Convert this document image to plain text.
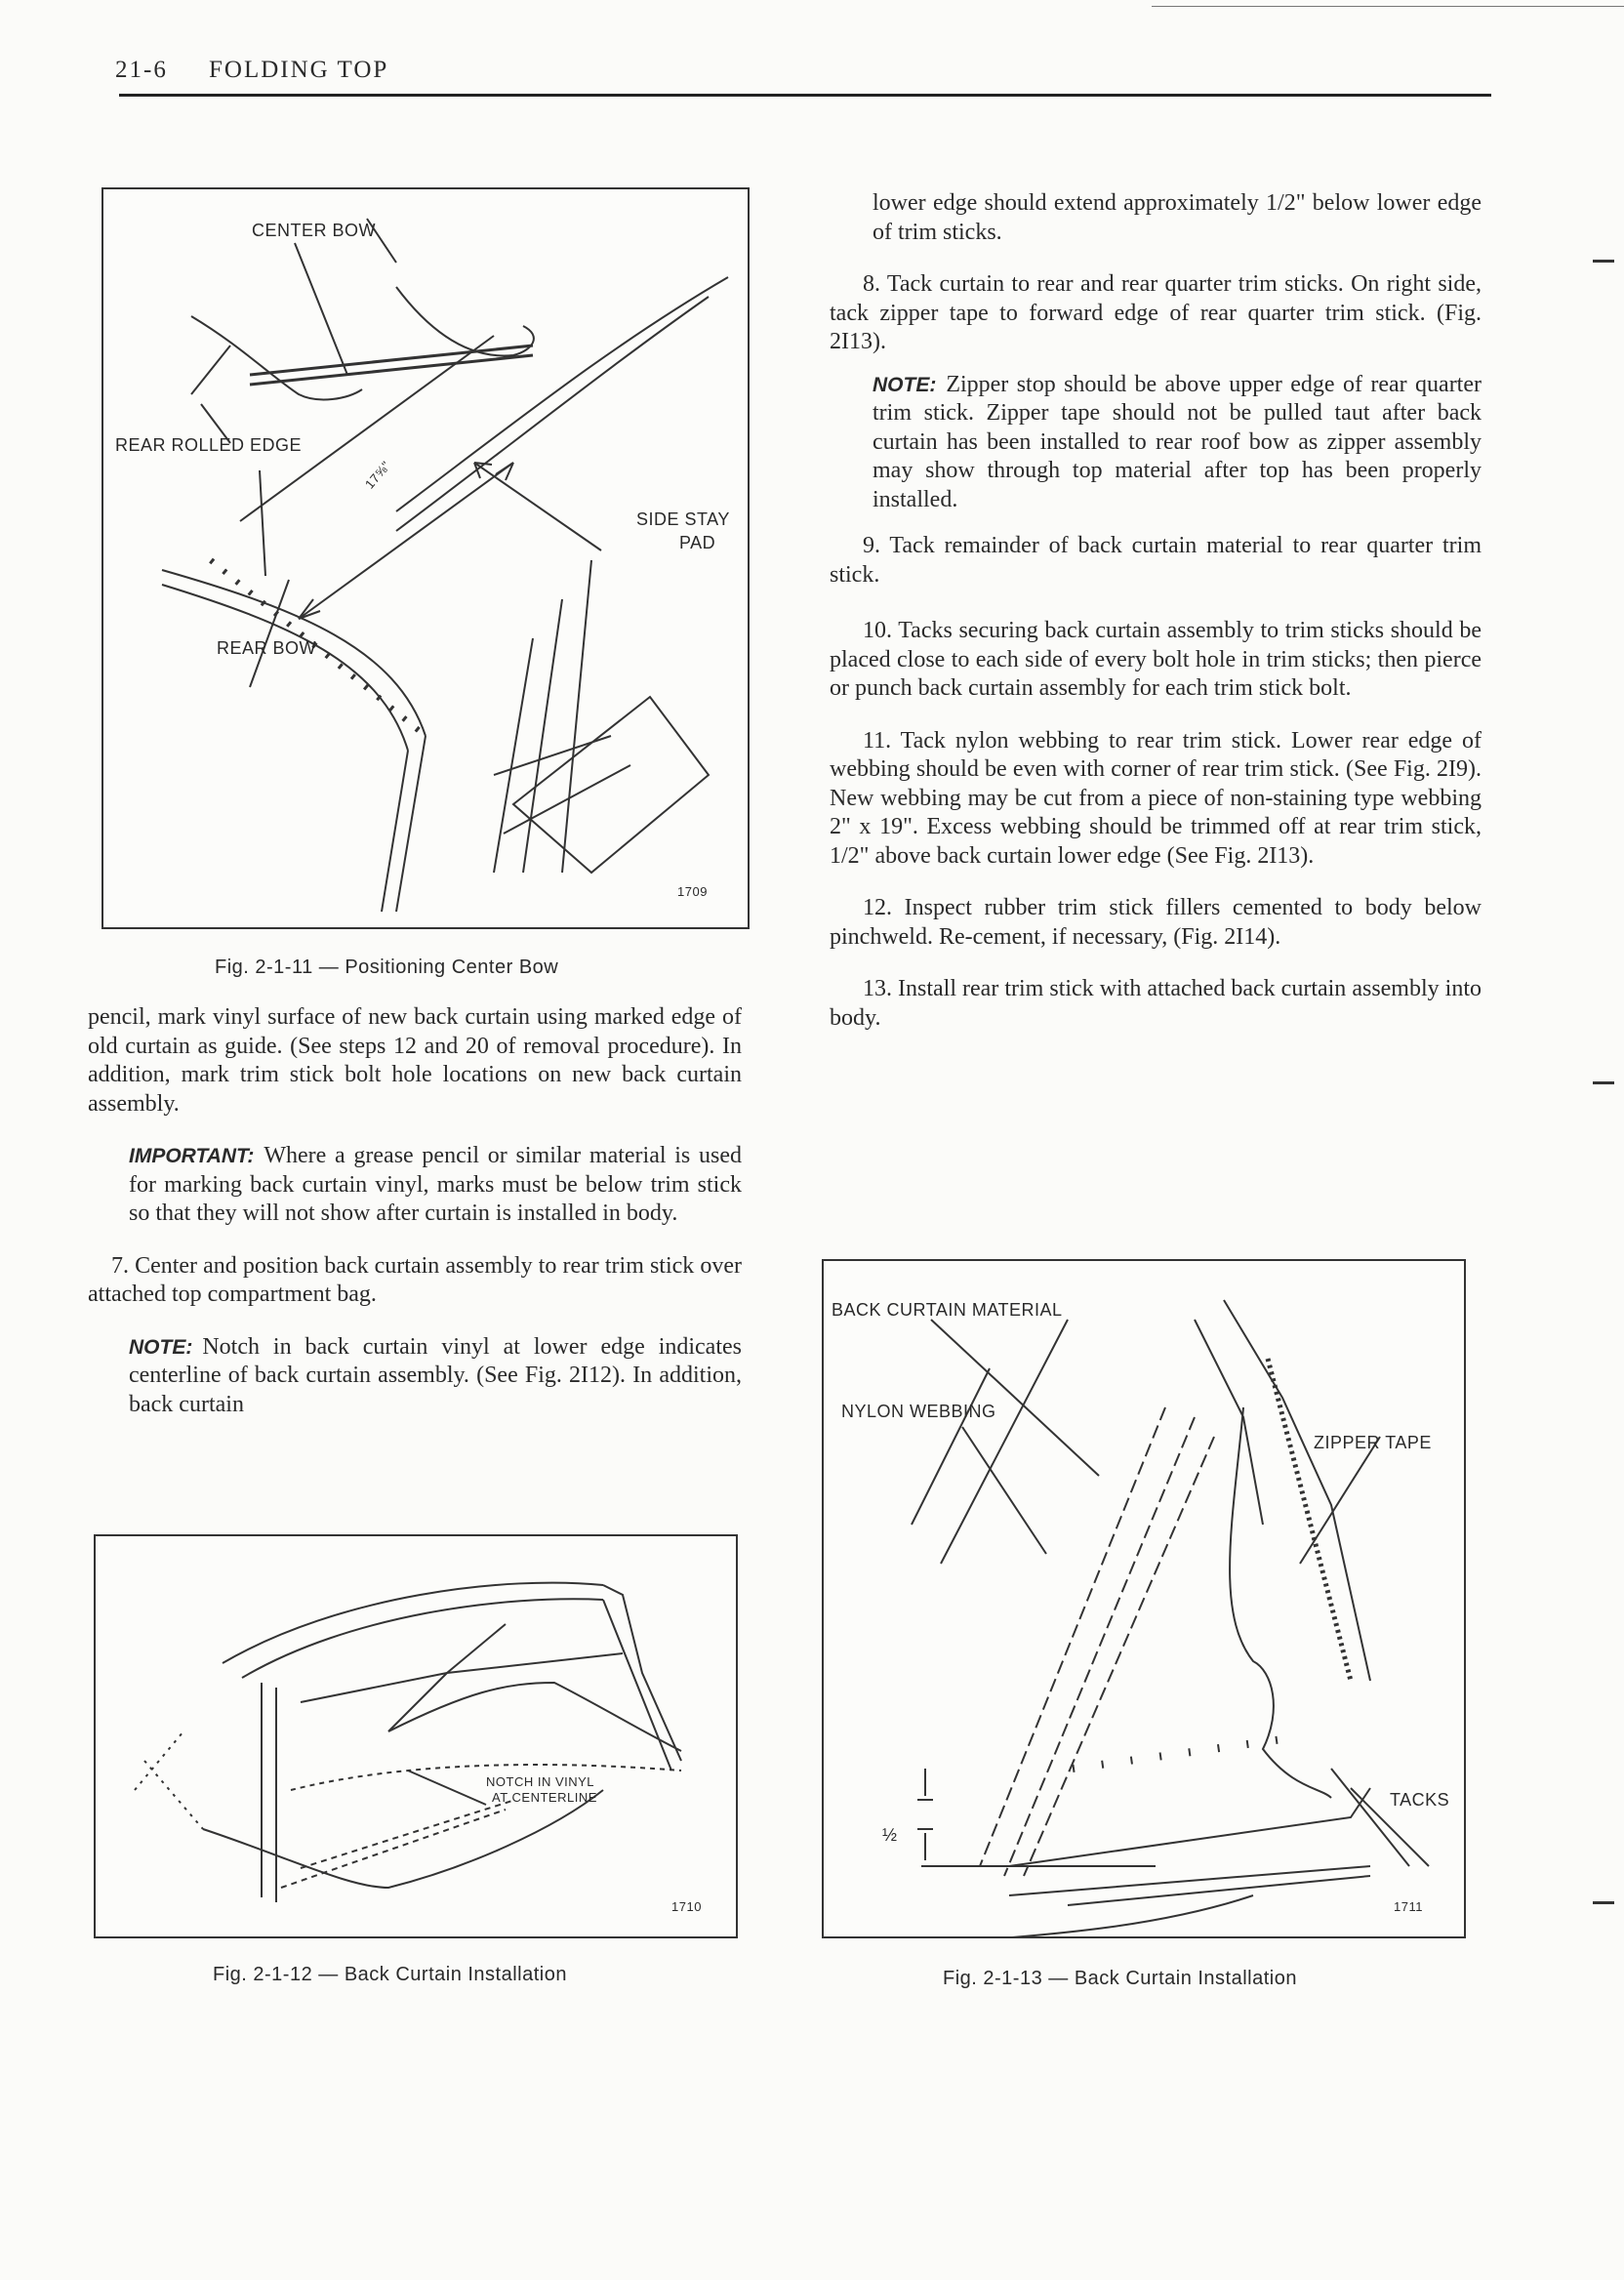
21-6 FOLDING TOP
CENTER BOW
REAR ROLLED EDGE
SIDE STAY
PAD
REAR BOW
17⅝"
1709
Fig. 2-1-11 — Positioning Center Bow

pencil, mark vinyl surface of new back curtain using marked edge of old curtain as guide. (See steps 12 and 20 of removal procedure). In addition, mark trim stick bolt hole locations on new back curtain assembly.

IMPORTANT: Where a grease pencil or similar material is used for marking back curtain vinyl, marks must be below trim stick so that they will not show after curtain is installed in body.

7. Center and position back curtain assembly to rear trim stick over attached top compartment bag.

NOTE: Notch in back curtain vinyl at lower edge indicates centerline of back curtain assembly. (See Fig. 2I12). In addition, back curtain

NOTCH IN VINYL
AT CENTERLINE
1710
Fig. 2-1-12 — Back Curtain Installation

lower edge should extend approximately 1/2" below lower edge of trim sticks.

8. Tack curtain to rear and rear quarter trim sticks. On right side, tack zipper tape to forward edge of rear quarter trim stick. (Fig. 2I13).

NOTE: Zipper stop should be above upper edge of rear quarter trim stick. Zipper tape should not be pulled taut after back curtain has been installed to rear roof bow as zipper assembly may show through top material after top has been properly installed.

9. Tack remainder of back curtain material to rear quarter trim stick.

10. Tacks securing back curtain assembly to trim sticks should be placed close to each side of every bolt hole in trim sticks; then pierce or punch back curtain assembly for each trim stick bolt.

11. Tack nylon webbing to rear trim stick. Lower rear edge of webbing should be even with corner of rear trim stick. (See Fig. 2I9). New webbing may be cut from a piece of non-staining type webbing 2" x 19". Excess webbing should be trimmed off at rear trim stick, 1/2" above back curtain lower edge (See Fig. 2I13).

12. Inspect rubber trim stick fillers cemented to body below pinchweld. Re-cement, if necessary, (Fig. 2I14).

13. Install rear trim stick with attached back curtain assembly into body.

BACK CURTAIN MATERIAL
NYLON WEBBING
ZIPPER TAPE
TACKS
½
1711
Fig. 2-1-13 — Back Curtain Installation
